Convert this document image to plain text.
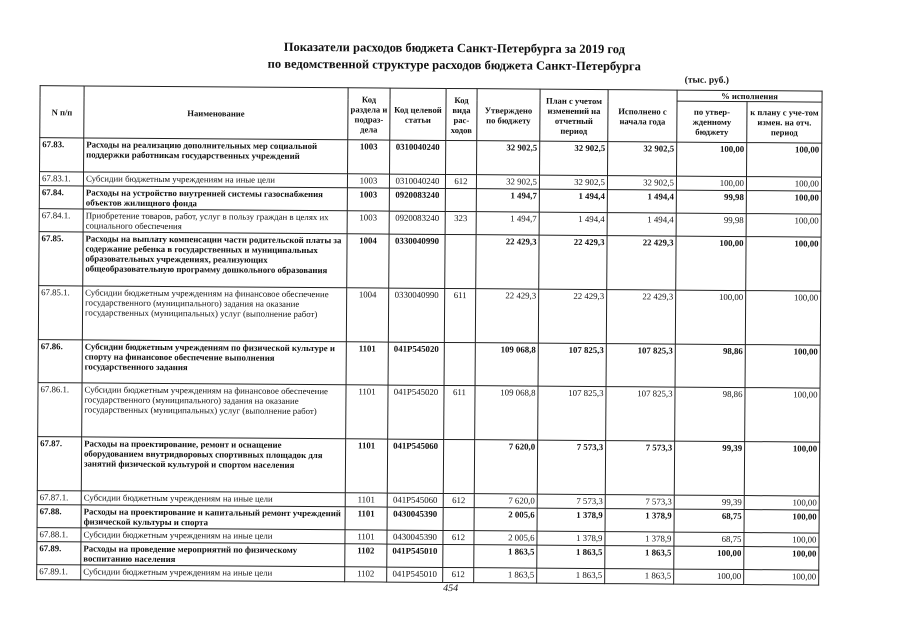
Показатели расходов бюджета Санкт-Петербурга за 2019 год
по ведомственной структуре расходов бюджета Санкт-Петербурга
(тыс. руб.)
N п/п	Наименование	Код раздела и подраз-дела	Код целевой статьи	Код вида рас-ходов	Утверждено по бюджету	План с учетом изменений на отчетный период	Исполнено с начала года	% исполнения	
								по утвер-жденному бюджету	к плану с уче-том измен. на отч. период
67.83.	Расходы на реализацию дополнительных мер социальной поддержки работникам государственных учреждений	1003	0310040240		32 902,5	32 902,5	32 902,5	100,00	100,00
67.83.1.	Субсидии бюджетным учреждениям на иные цели	1003	0310040240	612	32 902,5	32 902,5	32 902,5	100,00	100,00
67.84.	Расходы на устройство внутренней системы газоснабжения объектов жилищного фонда	1003	0920083240		1 494,7	1 494,4	1 494,4	99,98	100,00
67.84.1.	Приобретение товаров, работ, услуг в пользу граждан в целях их социального обеспечения	1003	0920083240	323	1 494,7	1 494,4	1 494,4	99,98	100,00
67.85.	Расходы на выплату компенсации части родительской платы за содержание ребенка в государственных и муниципальных образовательных учреждениях, реализующих общеобразовательную программу дошкольного образования	1004	0330040990		22 429,3	22 429,3	22 429,3	100,00	100,00
67.85.1.	Субсидии бюджетным учреждениям на финансовое обеспечение государственного (муниципального) задания на оказание государственных (муниципальных) услуг (выполнение работ)	1004	0330040990	611	22 429,3	22 429,3	22 429,3	100,00	100,00
67.86.	Субсидии бюджетным учреждениям по физической культуре и спорту на финансовое обеспечение выполнения государственного задания	1101	041P545020		109 068,8	107 825,3	107 825,3	98,86	100,00
67.86.1.	Субсидии бюджетным учреждениям на финансовое обеспечение государственного (муниципального) задания на оказание государственных (муниципальных) услуг (выполнение работ)	1101	041P545020	611	109 068,8	107 825,3	107 825,3	98,86	100,00
67.87.	Расходы на проектирование, ремонт и оснащение оборудованием внутридворовых спортивных площадок для занятий физической культурой и спортом населения	1101	041P545060		7 620,0	7 573,3	7 573,3	99,39	100,00
67.87.1.	Субсидии бюджетным учреждениям на иные цели	1101	041P545060	612	7 620,0	7 573,3	7 573,3	99,39	100,00
67.88.	Расходы на проектирование и капитальный ремонт учреждений физической культуры и спорта	1101	0430045390		2 005,6	1 378,9	1 378,9	68,75	100,00
67.88.1.	Субсидии бюджетным учреждениям на иные цели	1101	0430045390	612	2 005,6	1 378,9	1 378,9	68,75	100,00
67.89.	Расходы на проведение мероприятий по физическому воспитанию населения	1102	041P545010		1 863,5	1 863,5	1 863,5	100,00	100,00
67.89.1.	Субсидии бюджетным учреждениям на иные цели	1102	041P545010	612	1 863,5	1 863,5	1 863,5	100,00	100,00
454
